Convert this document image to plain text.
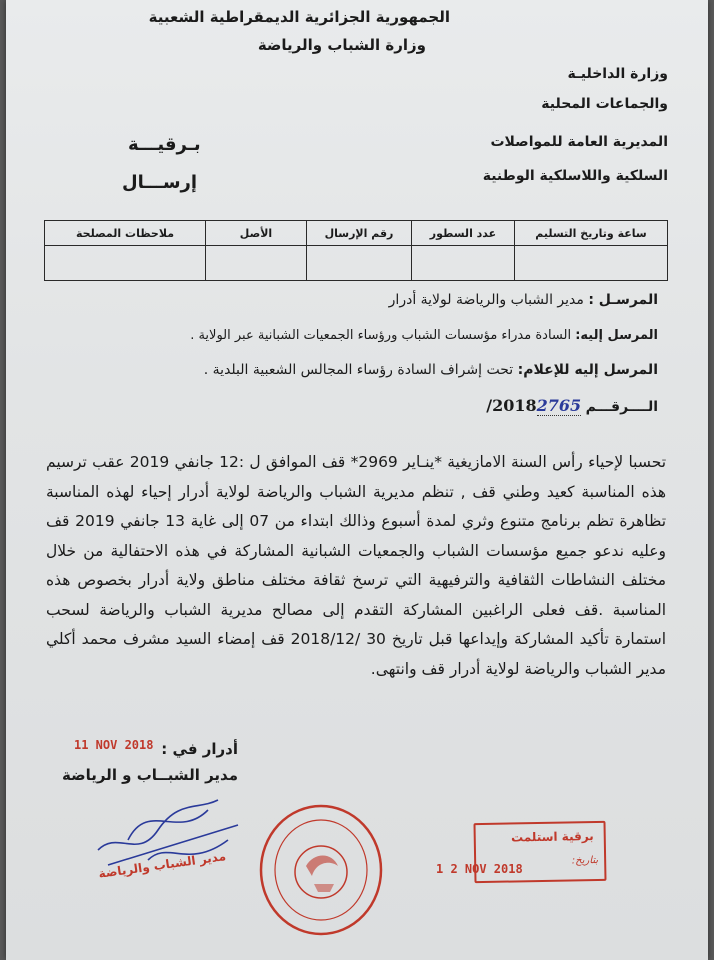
الجمهورية الجزائرية الديمقراطية الشعبية
وزارة الشباب والرياضة
وزارة الداخليـة
والجماعات المحلية
المديرية العامة للمواصلات
السلكية واللاسلكية الوطنية
بـرقيـــة
إرســـال
ساعة وتاريخ التسليم	عدد السطور	رقم الإرسال	الأصل	ملاحظات المصلحة

المرسـل : مدير الشباب والرياضة لولاية أدرار
المرسل إليه: السادة مدراء مؤسسات الشباب ورؤساء الجمعيات الشبانية عبر الولاية .
المرسل إليه للإعلام: تحت إشراف السادة رؤساء المجالس الشعبية البلدية .
الــــرقـــم 2765/2018
تحسبا لإحياء رأس السنة الامازيغية *ينـاير 2969* قف الموافق ل :12 جانفي 2019 عقب ترسيم هذه المناسبة كعيد وطني قف , تنظم مديرية الشباب والرياضة لولاية أدرار إحياء لهذه المناسبة تظاهرة تظم برنامج متنوع وثري لمدة أسبوع وذالك ابتداء من 07 إلى غاية 13 جانفي 2019 قف وعليه ندعو جميع مؤسسات الشباب والجمعيات الشبانية المشاركة في هذه الاحتفالية من خلال مختلف النشاطات الثقافية والترفيهية التي ترسخ ثقافة مختلف مناطق ولاية أدرار بخصوص هذه المناسبة .قف فعلى الراغبين المشاركة التقدم إلى مصالح مديرية الشباب والرياضة لسحب استمارة تأكيد المشاركة وإيداعها قبل تاريخ 30 /2018/12 قف إمضاء السيد مشرف محمد أكلي مدير الشباب والرياضة لولاية أدرار قف وانتهى.
أدرار في :
11 NOV 2018
مدير الشبــاب و الرياضة
مدير الشباب والرياضة
برقية استلمت
بتاريخ:
1 2 NOV 2018
